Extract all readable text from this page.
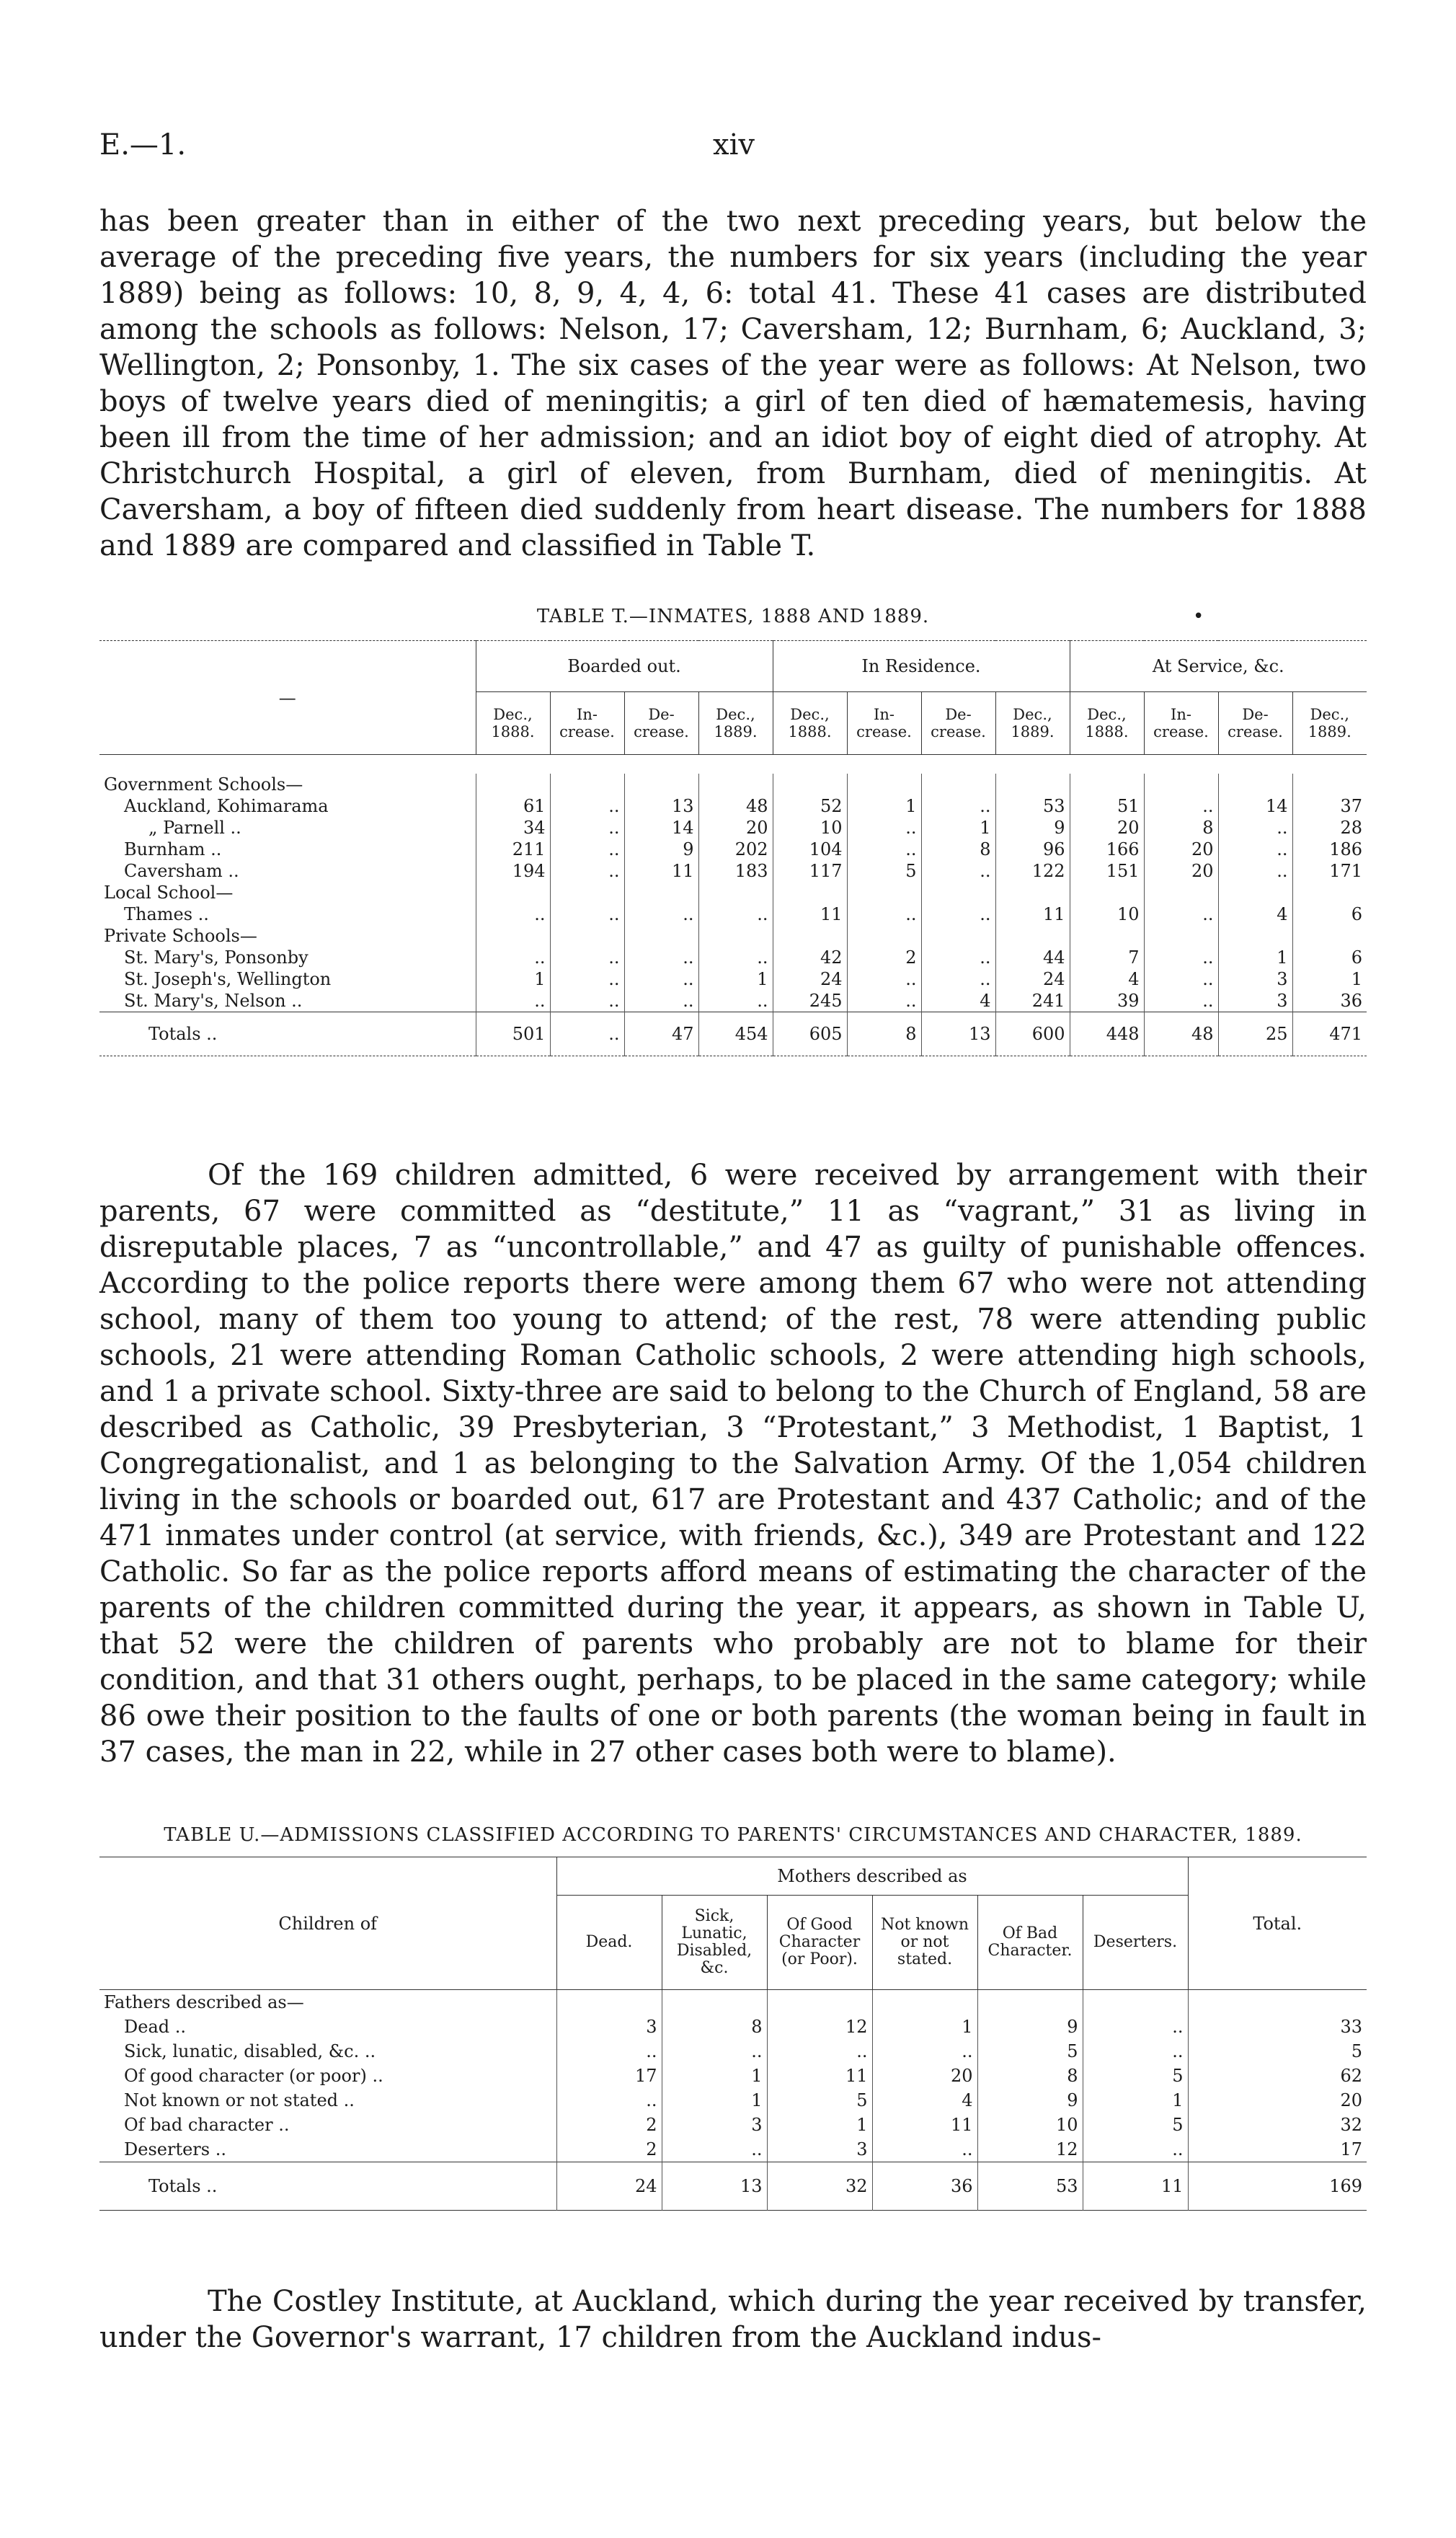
E.—1.	xiv

has been greater than in either of the two next preceding years, but below the average of the preceding five years, the numbers for six years (including the year 1889) being as follows: 10, 8, 9, 4, 4, 6: total 41. These 41 cases are distributed among the schools as follows: Nelson, 17; Caversham, 12; Burnham, 6; Auckland, 3; Wellington, 2; Ponsonby, 1. The six cases of the year were as follows: At Nelson, two boys of twelve years died of meningitis; a girl of ten died of hæmatemesis, having been ill from the time of her admission; and an idiot boy of eight died of atrophy. At Christchurch Hospital, a girl of eleven, from Burnham, died of meningitis. At Caversham, a boy of fifteen died suddenly from heart disease. The numbers for 1888 and 1889 are compared and classified in Table T.

TABLE T.—INMATES, 1888 AND 1889.	•
—	Boarded out.				In Residence.				At Service, &c.			
	Dec., 1888.	In-crease.	De-crease.	Dec., 1889.	Dec., 1888.	In-crease.	De-crease.	Dec., 1889.	Dec., 1888.	In-crease.	De-crease.	Dec., 1889.

Government Schools—												
Auckland, Kohimarama	61	..	13	48	52	1	..	53	51	..	14	37
„ Parnell ..	34	..	14	20	10	..	1	9	20	8	..	28
Burnham ..	211	..	9	202	104	..	8	96	166	20	..	186
Caversham ..	194	..	11	183	117	5	..	122	151	20	..	171
Local School—												
Thames ..	..	..	..	..	11	..	..	11	10	..	4	6
Private Schools—												
St. Mary's, Ponsonby	..	..	..	..	42	2	..	44	7	..	1	6
St. Joseph's, Wellington	1	..	..	1	24	..	..	24	4	..	3	1
St. Mary's, Nelson ..	..	..	..	..	245	..	4	241	39	..	3	36
Totals ..	501	..	47	454	605	8	13	600	448	48	25	471

Of the 169 children admitted, 6 were received by arrangement with their parents, 67 were committed as “destitute,” 11 as “vagrant,” 31 as living in disreputable places, 7 as “uncontrollable,” and 47 as guilty of punishable offences. According to the police reports there were among them 67 who were not attending school, many of them too young to attend; of the rest, 78 were attending public schools, 21 were attending Roman Catholic schools, 2 were attending high schools, and 1 a private school. Sixty-three are said to belong to the Church of England, 58 are described as Catholic, 39 Presbyterian, 3 “Protestant,” 3 Methodist, 1 Baptist, 1 Congregationalist, and 1 as belonging to the Salvation Army. Of the 1,054 children living in the schools or boarded out, 617 are Protestant and 437 Catholic; and of the 471 inmates under control (at service, with friends, &c.), 349 are Protestant and 122 Catholic. So far as the police reports afford means of estimating the character of the parents of the children committed during the year, it appears, as shown in Table U, that 52 were the children of parents who probably are not to blame for their condition, and that 31 others ought, perhaps, to be placed in the same category; while 86 owe their position to the faults of one or both parents (the woman being in fault in 37 cases, the man in 22, while in 27 other cases both were to blame).

TABLE U.—ADMISSIONS CLASSIFIED ACCORDING TO PARENTS' CIRCUMSTANCES AND CHARACTER, 1889.
Children of	Mothers described as						Total.
	Dead.	Sick, Lunatic, Disabled, &c.	Of Good Character (or Poor).	Not known or not stated.	Of Bad Character.	Deserters.	

Fathers described as—							
Dead ..	3	8	12	1	9	..	33
Sick, lunatic, disabled, &c. ..	..	..	..	..	5	..	5
Of good character (or poor) ..	17	1	11	20	8	5	62
Not known or not stated ..	..	1	5	4	9	1	20
Of bad character ..	2	3	1	11	10	5	32
Deserters ..	2	..	3	..	12	..	17
Totals ..	24	13	32	36	53	11	169

The Costley Institute, at Auckland, which during the year received by transfer, under the Governor's warrant, 17 children from the Auckland indus-
